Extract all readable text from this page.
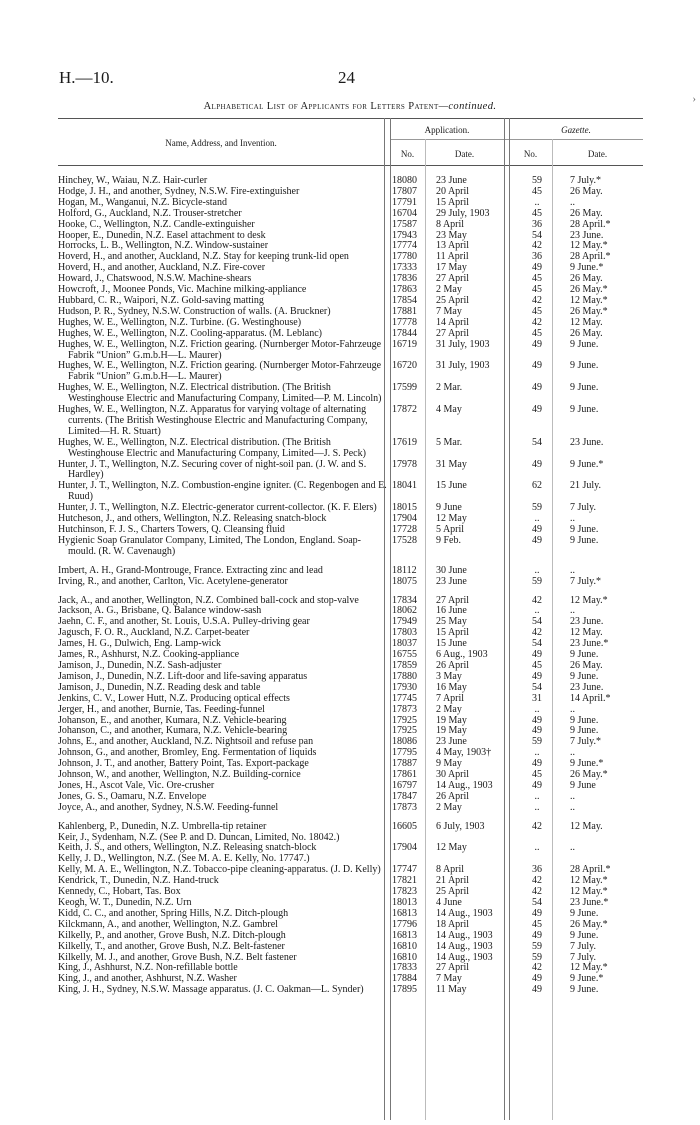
H.—10.	24
Alphabetical List of Applicants for Letters Patent—continued.
Name, Address, and Invention.
Application.	Gazette.
No.	Date.	No.	Date.
Hinchey, W., Waiau, N.Z. Hair-curler	18080	23 June	59	7 July.*
Hodge, J. H., and another, Sydney, N.S.W. Fire-extinguisher	17807	20 April	45	26 May.
Hogan, M., Wanganui, N.Z. Bicycle-stand	17791	15 April	..	..
Holford, G., Auckland, N.Z. Trouser-stretcher	16704	29 July, 1903	45	26 May.
Hooke, C., Wellington, N.Z. Candle-extinguisher	17587	8 April	36	28 April.*
Hooper, E., Dunedin, N.Z. Easel attachment to desk	17943	23 May	54	23 June.
Horrocks, L. B., Wellington, N.Z. Window-sustainer	17774	13 April	42	12 May.*
Hoverd, H., and another, Auckland, N.Z. Stay for keeping trunk-lid open	17780	11 April	36	28 April.*
Hoverd, H., and another, Auckland, N.Z. Fire-cover	17333	17 May	49	9 June.*
Howard, J., Chatswood, N.S.W. Machine-shears	17836	27 April	45	26 May.
Howcroft, J., Moonee Ponds, Vic. Machine milking-appliance	17863	2 May	45	26 May.*
Hubbard, C. R., Waipori, N.Z. Gold-saving matting	17854	25 April	42	12 May.*
Hudson, P. R., Sydney, N.S.W. Construction of walls. (A. Bruckner)	17881	7 May	45	26 May.*
Hughes, W. E., Wellington, N.Z. Turbine. (G. Westinghouse)	17778	14 April	42	12 May.
Hughes, W. E., Wellington, N.Z. Cooling-apparatus. (M. Leblanc)	17844	27 April	45	26 May.
Hughes, W. E., Wellington, N.Z. Friction gearing. (Nurnberger Motor-Fahrzeuge Fabrik “Union” G.m.b.H—L. Maurer)
16719	31 July, 1903	49	9 June.
Hughes, W. E., Wellington, N.Z. Friction gearing. (Nurnberger Motor-Fahrzeuge Fabrik “Union” G.m.b.H—L. Maurer)
16720	31 July, 1903	49	9 June.
Hughes, W. E., Wellington, N.Z. Electrical distribution. (The British Westinghouse Electric and Manufacturing Company, Limited—P. M. Lincoln)
17599	2 Mar.	49	9 June.
Hughes, W. E., Wellington, N.Z. Apparatus for varying voltage of alternating currents. (The British Westinghouse Electric and Manufacturing Company, Limited—H. R. Stuart)
17872	4 May	49	9 June.
Hughes, W. E., Wellington, N.Z. Electrical distribution. (The British Westinghouse Electric and Manufacturing Company, Limited—J. S. Peck)
17619	5 Mar.	54	23 June.
Hunter, J. T., Wellington, N.Z. Securing cover of night-soil pan. (J. W. and S. Hardley)
17978	31 May	49	9 June.*
Hunter, J. T., Wellington, N.Z. Combustion-engine igniter. (C. Regenbogen and E. Ruud)
18041	15 June	62	21 July.
Hunter, J. T., Wellington, N.Z. Electric-generator current-collector. (K. F. Elers)	18015	9 June	59	7 July.
Hutcheson, J., and others, Wellington, N.Z. Releasing snatch-block	17904	12 May	..	..
Hutchinson, F. J. S., Charters Towers, Q. Cleansing fluid	17728	5 April	49	9 June.
Hygienic Soap Granulator Company, Limited, The London, England. Soap-mould. (R. W. Cavenaugh)
17528	9 Feb.	49	9 June.
Imbert, A. H., Grand-Montrouge, France. Extracting zinc and lead	18112	30 June	..	..
Irving, R., and another, Carlton, Vic. Acetylene-generator	18075	23 June	59	7 July.*
Jack, A., and another, Wellington, N.Z. Combined ball-cock and stop-valve	17834	27 April	42	12 May.*
Jackson, A. G., Brisbane, Q. Balance window-sash	18062	16 June	..	..
Jaehn, C. F., and another, St. Louis, U.S.A. Pulley-driving gear	17949	25 May	54	23 June.
Jagusch, F. O. R., Auckland, N.Z. Carpet-beater	17803	15 April	42	12 May.
James, H. G., Dulwich, Eng. Lamp-wick	18037	15 June	54	23 June.*
James, R., Ashhurst, N.Z. Cooking-appliance	16755	6 Aug., 1903	49	9 June.
Jamison, J., Dunedin, N.Z. Sash-adjuster	17859	26 April	45	26 May.
Jamison, J., Dunedin, N.Z. Lift-door and life-saving apparatus	17880	3 May	49	9 June.
Jamison, J., Dunedin, N.Z. Reading desk and table	17930	16 May	54	23 June.
Jenkins, C. V., Lower Hutt, N.Z. Producing optical effects	17745	7 April	31	14 April.*
Jerger, H., and another, Burnie, Tas. Feeding-funnel	17873	2 May	..	..
Johanson, E., and another, Kumara, N.Z. Vehicle-bearing	17925	19 May	49	9 June.
Johanson, C., and another, Kumara, N.Z. Vehicle-bearing	17925	19 May	49	9 June.
Johns, E., and another, Auckland, N.Z. Nightsoil and refuse pan	18086	23 June	59	7 July.*
Johnson, G., and another, Bromley, Eng. Fermentation of liquids	17795	4 May, 1903†	..	..
Johnson, J. T., and another, Battery Point, Tas. Export-package	17887	9 May	49	9 June.*
Johnson, W., and another, Wellington, N.Z. Building-cornice	17861	30 April	45	26 May.*
Jones, H., Ascot Vale, Vic. Ore-crusher	16797	14 Aug., 1903	49	9 June
Jones, G. S., Oamaru, N.Z. Envelope	17847	26 April	..	..
Joyce, A., and another, Sydney, N.S.W. Feeding-funnel	17873	2 May	..	..
Kahlenberg, P., Dunedin, N.Z. Umbrella-tip retainer	16605	6 July, 1903	42	12 May.
Keir, J., Sydenham, N.Z. (See P. and D. Duncan, Limited, No. 18042.)
Keith, J. S., and others, Wellington, N.Z. Releasing snatch-block	17904	12 May	..	..
Kelly, J. D., Wellington, N.Z. (See M. A. E. Kelly, No. 17747.)
Kelly, M. A. E., Wellington, N.Z. Tobacco-pipe cleaning-apparatus. (J. D. Kelly)	17747	8 April	36	28 April.*
Kendrick, T., Dunedin, N.Z. Hand-truck	17821	21 April	42	12 May.*
Kennedy, C., Hobart, Tas. Box	17823	25 April	42	12 May.*
Keogh, W. T., Dunedin, N.Z. Urn	18013	4 June	54	23 June.*
Kidd, C. C., and another, Spring Hills, N.Z. Ditch-plough	16813	14 Aug., 1903	49	9 June.
Kilckmann, A., and another, Wellington, N.Z. Gambrel	17796	18 April	45	26 May.*
Kilkelly, P., and another, Grove Bush, N.Z. Ditch-plough	16813	14 Aug., 1903	49	9 June.
Kilkelly, T., and another, Grove Bush, N.Z. Belt-fastener	16810	14 Aug., 1903	59	7 July.
Kilkelly, M. J., and another, Grove Bush, N.Z. Belt fastener	16810	14 Aug., 1903	59	7 July.
King, J., Ashhurst, N.Z. Non-refillable bottle	17833	27 April	42	12 May.*
King, J., and another, Ashhurst, N.Z. Washer	17884	7 May	49	9 June.*
King, J. H., Sydney, N.S.W. Massage apparatus. (J. C. Oakman—L. Synder)	17895	11 May	49	9 June.
›
